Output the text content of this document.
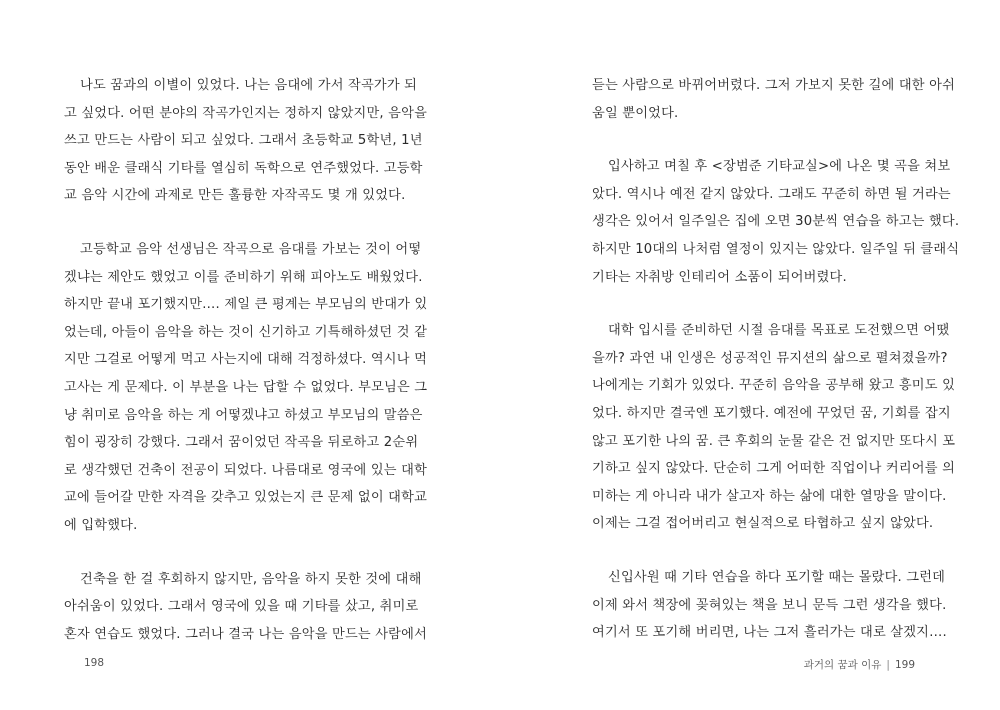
나도 꿈과의 이별이 있었다. 나는 음대에 가서 작곡가가 되
고 싶었다. 어떤 분야의 작곡가인지는 정하지 않았지만, 음악을
쓰고 만드는 사람이 되고 싶었다. 그래서 초등학교 5학년, 1년
동안 배운 클래식 기타를 열심히 독학으로 연주했었다. 고등학
교 음악 시간에 과제로 만든 훌륭한 자작곡도 몇 개 있었다.

고등학교 음악 선생님은 작곡으로 음대를 가보는 것이 어떻
겠냐는 제안도 했었고 이를 준비하기 위해 피아노도 배웠었다.
하지만 끝내 포기했지만…. 제일 큰 평계는 부모님의 반대가 있
었는데, 아들이 음악을 하는 것이 신기하고 기특해하셨던 것 같
지만 그걸로 어떻게 먹고 사는지에 대해 걱정하셨다. 역시나 먹
고사는 게 문제다. 이 부분을 나는 답할 수 없었다. 부모님은 그
냥 취미로 음악을 하는 게 어떻겠냐고 하셨고 부모님의 말씀은
힘이 굉장히 강했다. 그래서 꿈이었던 작곡을 뒤로하고 2순위
로 생각했던 건축이 전공이 되었다. 나름대로 영국에 있는 대학
교에 들어갈 만한 자격을 갖추고 있었는지 큰 문제 없이 대학교
에 입학했다.

건축을 한 걸 후회하지 않지만, 음악을 하지 못한 것에 대해
아쉬움이 있었다. 그래서 영국에 있을 때 기타를 샀고, 취미로
혼자 연습도 했었다. 그러나 결국 나는 음악을 만드는 사람에서

198

듣는 사람으로 바뀌어버렸다. 그저 가보지 못한 길에 대한 아쉬
움일 뿐이었다.

입사하고 며칠 후 <장범준 기타교실>에 나온 몇 곡을 쳐보
았다. 역시나 예전 같지 않았다. 그래도 꾸준히 하면 될 거라는
생각은 있어서 일주일은 집에 오면 30분씩 연습을 하고는 했다.
하지만 10대의 나처럼 열정이 있지는 않았다. 일주일 뒤 클래식
기타는 자취방 인테리어 소품이 되어버렸다.

대학 입시를 준비하던 시절 음대를 목표로 도전했으면 어땠
을까? 과연 내 인생은 성공적인 뮤지션의 삶으로 펼쳐졌을까?
나에게는 기회가 있었다. 꾸준히 음악을 공부해 왔고 흥미도 있
었다. 하지만 결국엔 포기했다. 예전에 꾸었던 꿈, 기회를 잡지
않고 포기한 나의 꿈. 큰 후회의 눈물 같은 건 없지만 또다시 포
기하고 싶지 않았다. 단순히 그게 어떠한 직업이나 커리어를 의
미하는 게 아니라 내가 살고자 하는 삶에 대한 열망을 말이다.
이제는 그걸 접어버리고 현실적으로 타협하고 싶지 않았다.

신입사원 때 기타 연습을 하다 포기할 때는 몰랐다. 그런데
이제 와서 책장에 꽂혀있는 책을 보니 문득 그런 생각을 했다.
여기서 또 포기해 버리면, 나는 그저 흘러가는 대로 살겠지….

과거의 꿈과 이유 | 199
